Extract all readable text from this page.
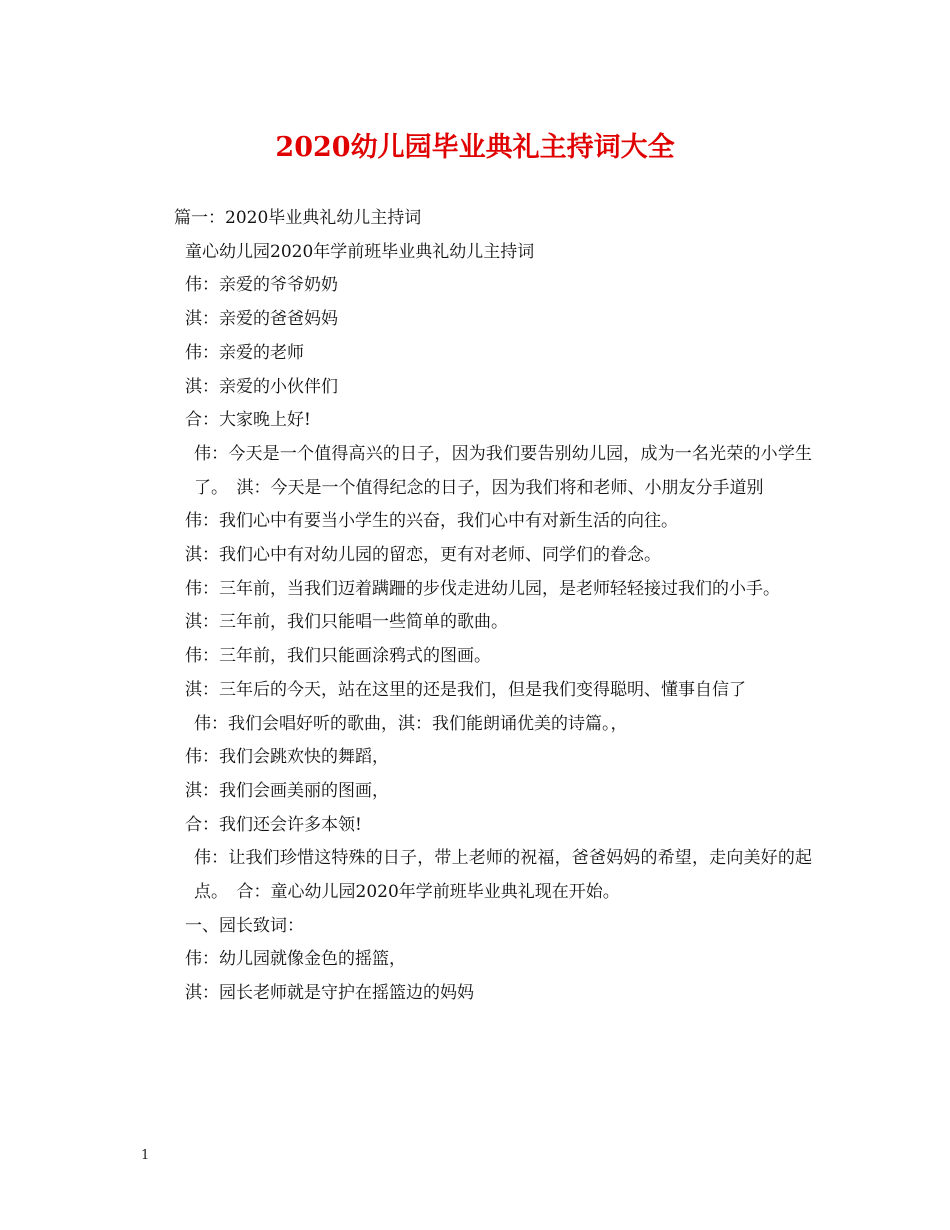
2020幼儿园毕业典礼主持词大全
篇一：2020毕业典礼幼儿主持词
童心幼儿园2020年学前班毕业典礼幼儿主持词
伟：亲爱的爷爷奶奶
淇：亲爱的爸爸妈妈
伟：亲爱的老师
淇：亲爱的小伙伴们
合：大家晚上好!
伟：今天是一个值得高兴的日子，因为我们要告别幼儿园，成为一名光荣的小学生了。　淇：今天是一个值得纪念的日子，因为我们将和老师、小朋友分手道别
伟：我们心中有要当小学生的兴奋，我们心中有对新生活的向往。
淇：我们心中有对幼儿园的留恋，更有对老师、同学们的眷念。
伟：三年前，当我们迈着蹒跚的步伐走进幼儿园，是老师轻轻接过我们的小手。
淇：三年前，我们只能唱一些简单的歌曲。
伟：三年前，我们只能画涂鸦式的图画。
淇：三年后的今天，站在这里的还是我们，但是我们变得聪明、懂事自信了
伟：我们会唱好听的歌曲，淇：我们能朗诵优美的诗篇。，
伟：我们会跳欢快的舞蹈，
淇：我们会画美丽的图画，
合：我们还会许多本领!
伟：让我们珍惜这特殊的日子，带上老师的祝福，爸爸妈妈的希望，走向美好的起点。　合：童心幼儿园2020年学前班毕业典礼现在开始。
一、园长致词：
伟：幼儿园就像金色的摇篮，
淇：园长老师就是守护在摇篮边的妈妈
1
